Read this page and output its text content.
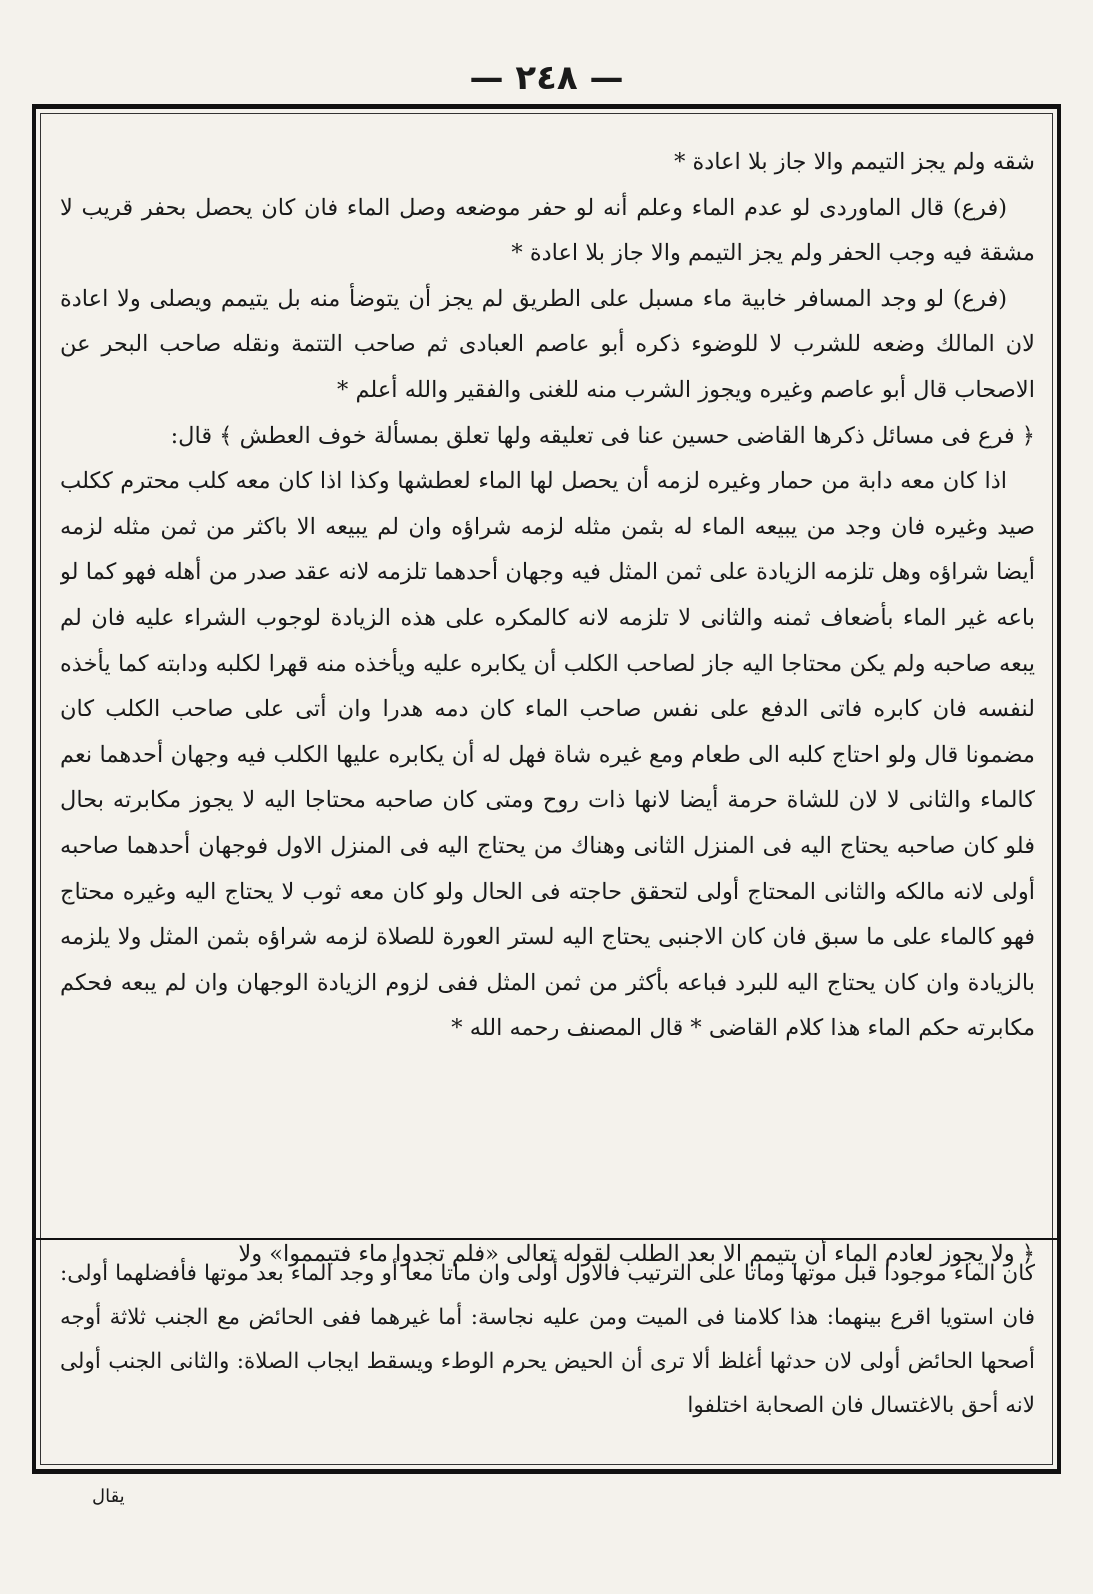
— ٢٤٨ —

شقه ولم يجز التيمم والا جاز بلا اعادة *

(فرع) قال الماوردى لو عدم الماء وعلم أنه لو حفر موضعه وصل الماء فان كان يحصل بحفر قريب لا مشقة فيه وجب الحفر ولم يجز التيمم والا جاز بلا اعادة *

(فرع) لو وجد المسافر خابية ماء مسبل على الطريق لم يجز أن يتوضأ منه بل يتيمم ويصلى ولا اعادة لان المالك وضعه للشرب لا للوضوء ذكره أبو عاصم العبادى ثم صاحب التتمة ونقله صاحب البحر عن الاصحاب قال أبو عاصم وغيره ويجوز الشرب منه للغنى والفقير والله أعلم *

﴿ فرع فى مسائل ذكرها القاضى حسين عنا فى تعليقه ولها تعلق بمسألة خوف العطش ﴾ قال:

اذا كان معه دابة من حمار وغيره لزمه أن يحصل لها الماء لعطشها وكذا اذا كان معه كلب محترم ككلب صيد وغيره فان وجد من يبيعه الماء له بثمن مثله لزمه شراؤه وان لم يبيعه الا باكثر من ثمن مثله لزمه أيضا شراؤه وهل تلزمه الزيادة على ثمن المثل فيه وجهان أحدهما تلزمه لانه عقد صدر من أهله فهو كما لو باعه غير الماء بأضعاف ثمنه والثانى لا تلزمه لانه كالمكره على هذه الزيادة لوجوب الشراء عليه فان لم يبعه صاحبه ولم يكن محتاجا اليه جاز لصاحب الكلب أن يكابره عليه ويأخذه منه قهرا لكلبه ودابته كما يأخذه لنفسه فان كابره فاتى الدفع على نفس صاحب الماء كان دمه هدرا وان أتى على صاحب الكلب كان مضمونا قال ولو احتاج كلبه الى طعام ومع غيره شاة فهل له أن يكابره عليها الكلب فيه وجهان أحدهما نعم كالماء والثانى لا لان للشاة حرمة أيضا لانها ذات روح ومتى كان صاحبه محتاجا اليه لا يجوز مكابرته بحال فلو كان صاحبه يحتاج اليه فى المنزل الثانى وهناك من يحتاج اليه فى المنزل الاول فوجهان أحدهما صاحبه أولى لانه مالكه والثانى المحتاج أولى لتحقق حاجته فى الحال ولو كان معه ثوب لا يحتاج اليه وغيره محتاج فهو كالماء على ما سبق فان كان الاجنبى يحتاج اليه لستر العورة للصلاة لزمه شراؤه بثمن المثل ولا يلزمه بالزيادة وان كان يحتاج اليه للبرد فباعه بأكثر من ثمن المثل ففى لزوم الزيادة الوجهان وان لم يبعه فحكم مكابرته حكم الماء هذا كلام القاضى * قال المصنف رحمه الله *

﴿ ولا يجوز لعادم الماء أن يتيمم الا بعد الطلب لقوله تعالى «فلم تجدوا ماء فتيمموا» ولا

كان الماء موجودا قبل موتها وماتا على الترتيب فالاول أولى وان ماتا معا أو وجد الماء بعد موتها فأفضلهما أولى: فان استويا اقرع بينهما: هذا كلامنا فى الميت ومن عليه نجاسة: أما غيرهما ففى الحائض مع الجنب ثلاثة أوجه أصحها الحائض أولى لان حدثها أغلظ ألا ترى أن الحيض يحرم الوطء ويسقط ايجاب الصلاة: والثانى الجنب أولى لانه أحق بالاغتسال فان الصحابة اختلفوا

يقال
